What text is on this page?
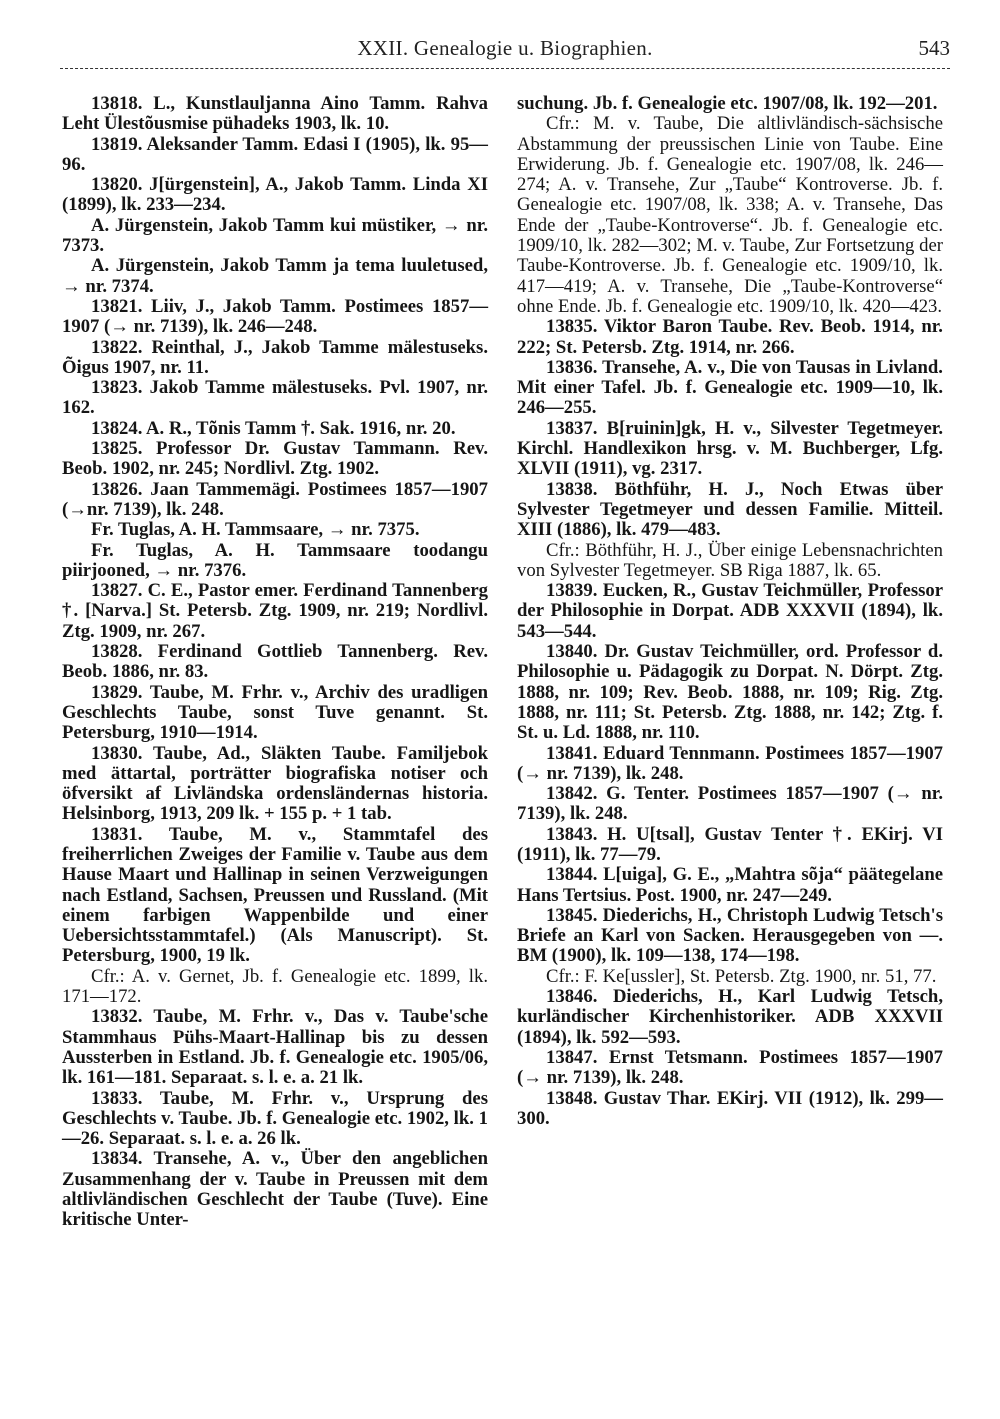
XXII. Genealogie u. Biographien.	543

13818. L., Kunstlauljanna Aino Tamm. Rahva Leht Ülestõusmise pühadeks 1903, lk. 10.

13819. Aleksander Tamm. Edasi I (1905), lk. 95—96.

13820. J[ürgenstein], A., Jakob Tamm. Linda XI (1899), lk. 233—234.

A. Jürgenstein, Jakob Tamm kui müstiker, → nr. 7373.

A. Jürgenstein, Jakob Tamm ja tema luuletused, → nr. 7374.

13821. Liiv, J., Jakob Tamm. Postimees 1857—1907 (→ nr. 7139), lk. 246—248.

13822. Reinthal, J., Jakob Tamme mälestuseks. Õigus 1907, nr. 11.

13823. Jakob Tamme mälestuseks. Pvl. 1907, nr. 162.

13824. A. R., Tõnis Tamm †. Sak. 1916, nr. 20.

13825. Professor Dr. Gustav Tammann. Rev. Beob. 1902, nr. 245; Nordlivl. Ztg. 1902.

13826. Jaan Tammemägi. Postimees 1857—1907 (→nr. 7139), lk. 248.

Fr. Tuglas, A. H. Tammsaare, → nr. 7375.

Fr. Tuglas, A. H. Tammsaare toodangu piirjooned, → nr. 7376.

13827. C. E., Pastor emer. Ferdinand Tannenberg †. [Narva.] St. Petersb. Ztg. 1909, nr. 219; Nordlivl. Ztg. 1909, nr. 267.

13828. Ferdinand Gottlieb Tannenberg. Rev. Beob. 1886, nr. 83.

13829. Taube, M. Frhr. v., Archiv des uradligen Geschlechts Taube, sonst Tuve genannt. St. Petersburg, 1910—1914.

13830. Taube, Ad., Släkten Taube. Familjebok med ättartal, porträtter biografiska notiser och öfversikt af Livländska ordensländernas historia. Helsinborg, 1913, 209 lk. + 155 p. + 1 tab.

13831. Taube, M. v., Stammtafel des freiherrlichen Zweiges der Familie v. Taube aus dem Hause Maart und Hallinap in seinen Verzweigungen nach Estland, Sachsen, Preussen und Russland. (Mit einem farbigen Wappenbilde und einer Uebersichtsstammtafel.) (Als Manuscript). St. Petersburg, 1900, 19 lk.

Cfr.: A. v. Gernet, Jb. f. Genealogie etc. 1899, lk. 171—172.

13832. Taube, M. Frhr. v., Das v. Taube'sche Stammhaus Pühs-Maart-Hallinap bis zu dessen Aussterben in Estland. Jb. f. Genealogie etc. 1905/06, lk. 161—181. Separaat. s. l. e. a. 21 lk.

13833. Taube, M. Frhr. v., Ursprung des Geschlechts v. Taube. Jb. f. Genealogie etc. 1902, lk. 1—26. Separaat. s. l. e. a. 26 lk.

13834. Transehe, A. v., Über den angeblichen Zusammenhang der v. Taube in Preussen mit dem altlivländischen Geschlecht der Taube (Tuve). Eine kritische Unter-

suchung. Jb. f. Genealogie etc. 1907/08, lk. 192—201.

Cfr.: M. v. Taube, Die altlivländisch-sächsische Abstammung der preussischen Linie von Taube. Eine Erwiderung. Jb. f. Genealogie etc. 1907/08, lk. 246—274; A. v. Transehe, Zur „Taube“ Kontroverse. Jb. f. Genealogie etc. 1907/08, lk. 338; A. v. Transehe, Das Ende der „Taube-Kontroverse“. Jb. f. Genealogie etc. 1909/10, lk. 282—302; M. v. Taube, Zur Fortsetzung der Taube-Kontroverse. Jb. f. Genealogie etc. 1909/10, lk. 417—419; A. v. Transehe, Die „Taube-Kontroverse“ ohne Ende. Jb. f. Genealogie etc. 1909/10, lk. 420—423.

13835. Viktor Baron Taube. Rev. Beob. 1914, nr. 222; St. Petersb. Ztg. 1914, nr. 266.

13836. Transehe, A. v., Die von Tausas in Livland. Mit einer Tafel. Jb. f. Genealogie etc. 1909—10, lk. 246—255.

13837. B[ruinin]gk, H. v., Silvester Tegetmeyer. Kirchl. Handlexikon hrsg. v. M. Buchberger, Lfg. XLVII (1911), vg. 2317.

13838. Böthführ, H. J., Noch Etwas über Sylvester Tegetmeyer und dessen Familie. Mitteil. XIII (1886), lk. 479—483.

Cfr.: Böthführ, H. J., Über einige Lebensnachrichten von Sylvester Tegetmeyer. SB Riga 1887, lk. 65.

13839. Eucken, R., Gustav Teichmüller, Professor der Philosophie in Dorpat. ADB XXXVII (1894), lk. 543—544.

13840. Dr. Gustav Teichmüller, ord. Professor d. Philosophie u. Pädagogik zu Dorpat. N. Dörpt. Ztg. 1888, nr. 109; Rev. Beob. 1888, nr. 109; Rig. Ztg. 1888, nr. 111; St. Petersb. Ztg. 1888, nr. 142; Ztg. f. St. u. Ld. 1888, nr. 110.

13841. Eduard Tennmann. Postimees 1857—1907 (→ nr. 7139), lk. 248.

13842. G. Tenter. Postimees 1857—1907 (→ nr. 7139), lk. 248.

13843. H. U[tsal], Gustav Tenter †. EKirj. VI (1911), lk. 77—79.

13844. L[uiga], G. E., „Mahtra sõja“ päätegelane Hans Tertsius. Post. 1900, nr. 247—249.

13845. Diederichs, H., Christoph Ludwig Tetsch's Briefe an Karl von Sacken. Herausgegeben von —. BM (1900), lk. 109—138, 174—198.

Cfr.: F. Ke[ussler], St. Petersb. Ztg. 1900, nr. 51, 77.

13846. Diederichs, H., Karl Ludwig Tetsch, kurländischer Kirchenhistoriker. ADB XXXVII (1894), lk. 592—593.

13847. Ernst Tetsmann. Postimees 1857—1907 (→ nr. 7139), lk. 248.

13848. Gustav Thar. EKirj. VII (1912), lk. 299—300.
